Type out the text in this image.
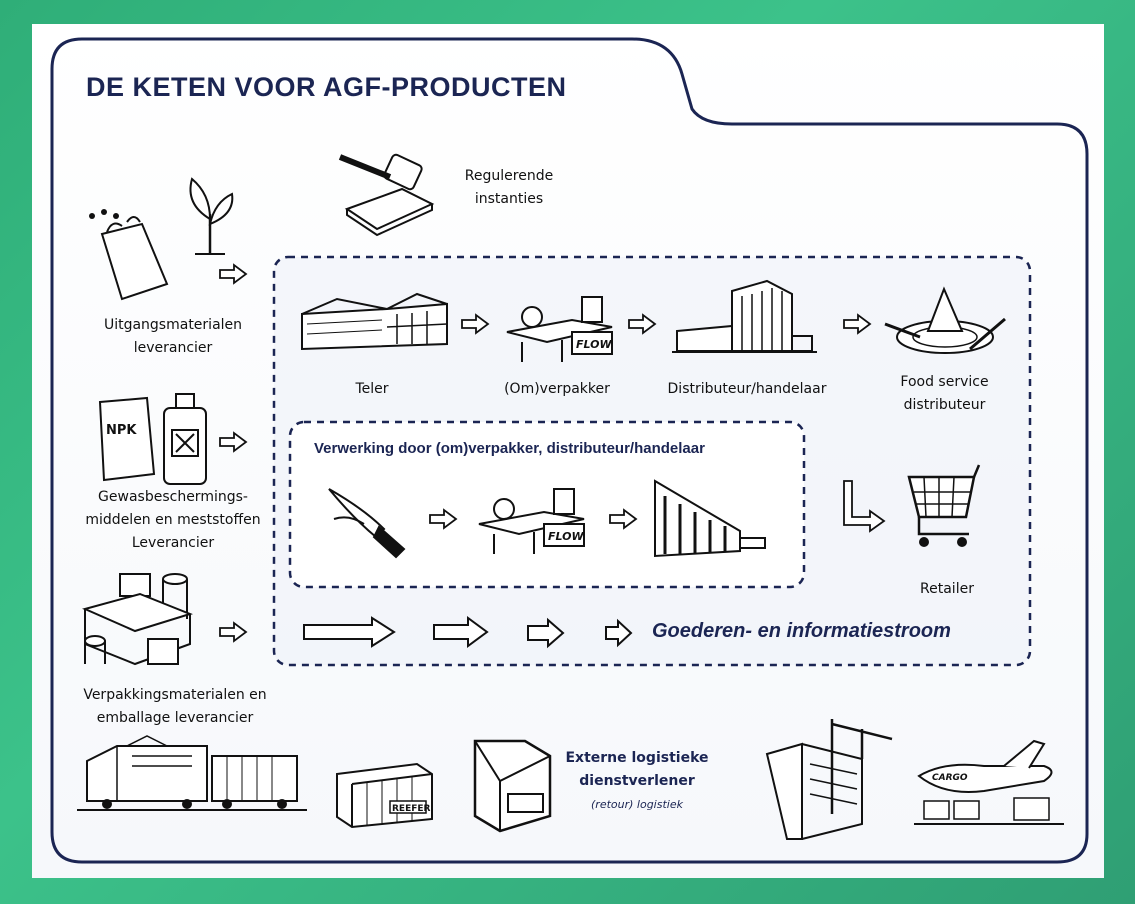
DE KETEN VOOR AGF-PRODUCTEN
Uitgangsmaterialen
leverancier
NPK
Gewasbeschermings-
middelen en meststoffen
Leverancier
Verpakkingsmaterialen en
emballage leverancier
Regulerende
instanties
Teler
FLOW
(Om)verpakker	Distributeur/handelaar	Food service
distributeur
Verwerking door (om)verpakker, distributeur/handelaar
FLOW
Retailer
Goederen- en informatiestroom
REEFER
Externe logistieke
dienstverlener
(retour) logistiek
CARGO
